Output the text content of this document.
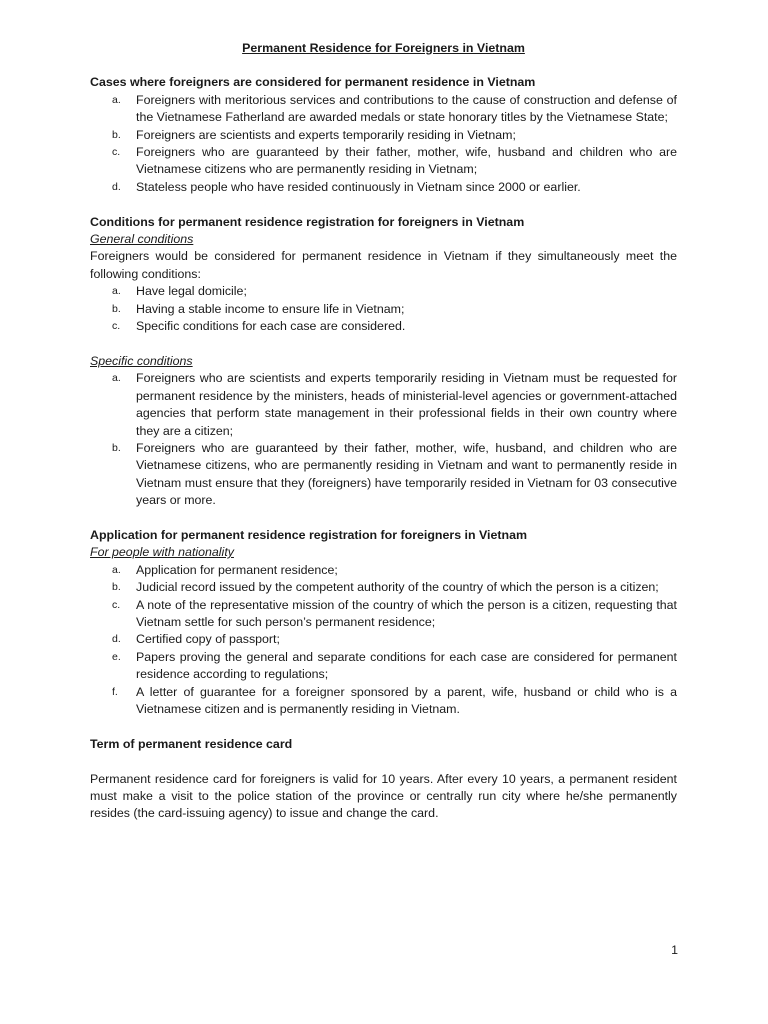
Permanent Residence for Foreigners in Vietnam

Cases where foreigners are considered for permanent residence in Vietnam

a. Foreigners with meritorious services and contributions to the cause of construction and defense of the Vietnamese Fatherland are awarded medals or state honorary titles by the Vietnamese State;
b. Foreigners are scientists and experts temporarily residing in Vietnam;
c. Foreigners who are guaranteed by their father, mother, wife, husband and children who are Vietnamese citizens who are permanently residing in Vietnam;
d. Stateless people who have resided continuously in Vietnam since 2000 or earlier.

Conditions for permanent residence registration for foreigners in Vietnam

General conditions

Foreigners would be considered for permanent residence in Vietnam if they simultaneously meet the following conditions:

a. Have legal domicile;
b. Having a stable income to ensure life in Vietnam;
c. Specific conditions for each case are considered.

Specific conditions

a. Foreigners who are scientists and experts temporarily residing in Vietnam must be requested for permanent residence by the ministers, heads of ministerial-level agencies or government-attached agencies that perform state management in their professional fields in their own country where they are a citizen;
b. Foreigners who are guaranteed by their father, mother, wife, husband, and children who are Vietnamese citizens, who are permanently residing in Vietnam and want to permanently reside in Vietnam must ensure that they (foreigners) have temporarily resided in Vietnam for 03 consecutive years or more.

Application for permanent residence registration for foreigners in Vietnam

For people with nationality

a. Application for permanent residence;
b. Judicial record issued by the competent authority of the country of which the person is a citizen;
c. A note of the representative mission of the country of which the person is a citizen, requesting that Vietnam settle for such person’s permanent residence;
d. Certified copy of passport;
e. Papers proving the general and separate conditions for each case are considered for permanent residence according to regulations;
f. A letter of guarantee for a foreigner sponsored by a parent, wife, husband or child who is a Vietnamese citizen and is permanently residing in Vietnam.

Term of permanent residence card

Permanent residence card for foreigners is valid for 10 years. After every 10 years, a permanent resident must make a visit to the police station of the province or centrally run city where he/she permanently resides (the card-issuing agency) to issue and change the card.

1
